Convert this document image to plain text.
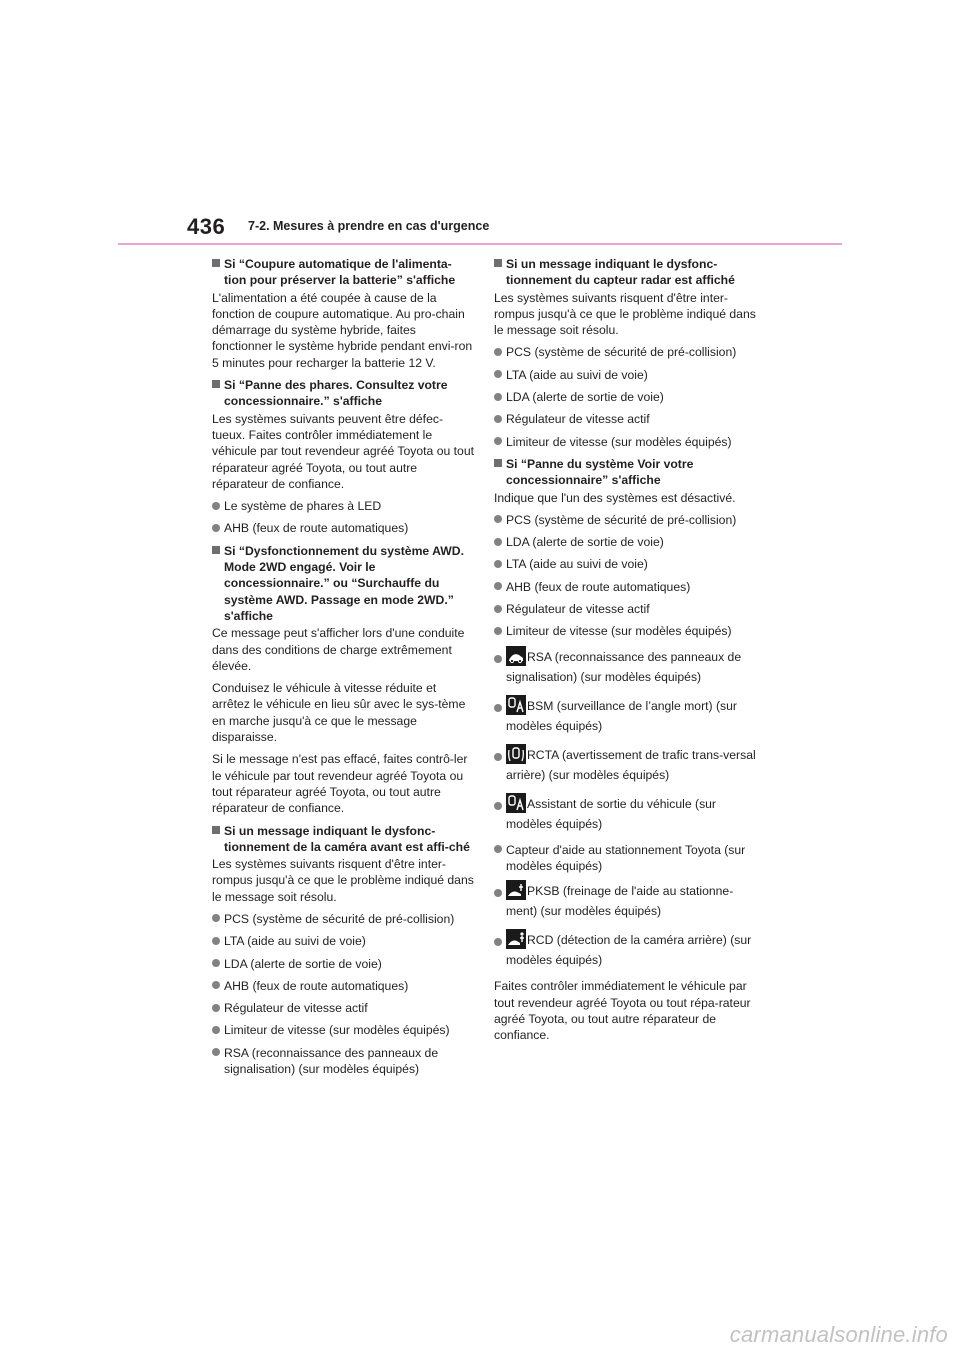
436 7-2. Mesures à prendre en cas d'urgence
Si “Coupure automatique de l'alimenta-tion pour préserver la batterie” s'affiche
L'alimentation a été coupée à cause de la fonction de coupure automatique. Au pro-chain démarrage du système hybride, faites fonctionner le système hybride pendant envi-ron 5 minutes pour recharger la batterie 12 V.
Si “Panne des phares. Consultez votre concessionnaire.” s'affiche
Les systèmes suivants peuvent être défec-tueux. Faites contrôler immédiatement le véhicule par tout revendeur agréé Toyota ou tout réparateur agréé Toyota, ou tout autre réparateur de confiance.
Le système de phares à LED
AHB (feux de route automatiques)
Si “Dysfonctionnement du système AWD. Mode 2WD engagé. Voir le concessionnaire.” ou “Surchauffe du système AWD. Passage en mode 2WD.” s'affiche
Ce message peut s'afficher lors d'une conduite dans des conditions de charge extrêmement élevée.
Conduisez le véhicule à vitesse réduite et arrêtez le véhicule en lieu sûr avec le sys-tème en marche jusqu'à ce que le message disparaisse.
Si le message n'est pas effacé, faites contrô-ler le véhicule par tout revendeur agréé Toyota ou tout réparateur agréé Toyota, ou tout autre réparateur de confiance.
Si un message indiquant le dysfonc-tionnement de la caméra avant est affi-ché
Les systèmes suivants risquent d'être inter-rompus jusqu'à ce que le problème indiqué dans le message soit résolu.
PCS (système de sécurité de pré-collision)
LTA (aide au suivi de voie)
LDA (alerte de sortie de voie)
AHB (feux de route automatiques)
Régulateur de vitesse actif
Limiteur de vitesse (sur modèles équipés)
RSA (reconnaissance des panneaux de signalisation) (sur modèles équipés)
Si un message indiquant le dysfonc-tionnement du capteur radar est affiché
Les systèmes suivants risquent d'être inter-rompus jusqu'à ce que le problème indiqué dans le message soit résolu.
PCS (système de sécurité de pré-collision)
LTA (aide au suivi de voie)
LDA (alerte de sortie de voie)
Régulateur de vitesse actif
Limiteur de vitesse (sur modèles équipés)
Si “Panne du système Voir votre concessionnaire” s'affiche
Indique que l'un des systèmes est désactivé.
PCS (système de sécurité de pré-collision)
LDA (alerte de sortie de voie)
LTA (aide au suivi de voie)
AHB (feux de route automatiques)
Régulateur de vitesse actif
Limiteur de vitesse (sur modèles équipés)
RSA (reconnaissance des panneaux de signalisation) (sur modèles équipés)
BSM (surveillance de l’angle mort) (sur modèles équipés)
RCTA (avertissement de trafic trans-versal arrière) (sur modèles équipés)
Assistant de sortie du véhicule (sur modèles équipés)
Capteur d'aide au stationnement Toyota (sur modèles équipés)
PKSB (freinage de l'aide au stationne-ment) (sur modèles équipés)
RCD (détection de la caméra arrière) (sur modèles équipés)
Faites contrôler immédiatement le véhicule par tout revendeur agréé Toyota ou tout répa-rateur agréé Toyota, ou tout autre réparateur de confiance.
carmanualsonline.info
